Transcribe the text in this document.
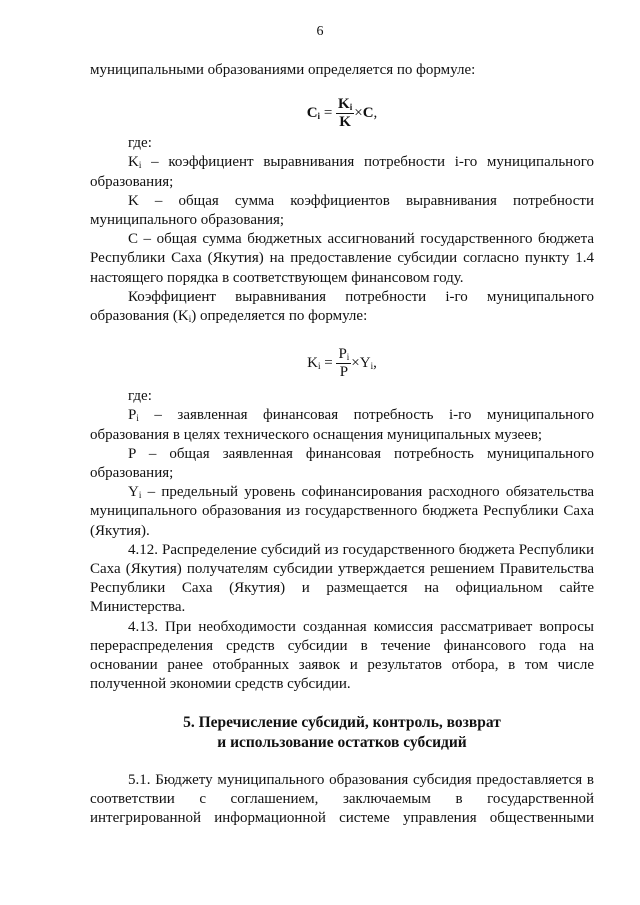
6

муниципальными образованиями определяется по формуле:

$C_i = \frac{K_i}{K} \times C$,

где:

$K_i$ – коэффициент выравнивания потребности i-го муниципального образования;

K – общая сумма коэффициентов выравнивания потребности муниципального образования;

C – общая сумма бюджетных ассигнований государственного бюджета Республики Саха (Якутия) на предоставление субсидии согласно пункту 1.4 настоящего порядка в соответствующем финансовом году.

Коэффициент выравнивания потребности i-го муниципального образования $(K_i)$ определяется по формуле:

$K_i = \frac{P_i}{P} \times Y_i$,

где:

$P_i$ – заявленная финансовая потребность i-го муниципального образования в целях технического оснащения муниципальных музеев;

P – общая заявленная финансовая потребность муниципального образования;

$Y_i$ – предельный уровень софинансирования расходного обязательства муниципального образования из государственного бюджета Республики Саха (Якутия).

4.12. Распределение субсидий из государственного бюджета Республики Саха (Якутия) получателям субсидии утверждается решением Правительства Республики Саха (Якутия) и размещается на официальном сайте Министерства.

4.13. При необходимости созданная комиссия рассматривает вопросы перераспределения средств субсидии в течение финансового года на основании ранее отобранных заявок и результатов отбора, в том числе полученной экономии средств субсидии.

5. Перечисление субсидий, контроль, возврат
и использование остатков субсидий

5.1. Бюджету муниципального образования субсидия предоставляется в соответствии с соглашением, заключаемым в государственной интегрированной информационной системе управления общественными
